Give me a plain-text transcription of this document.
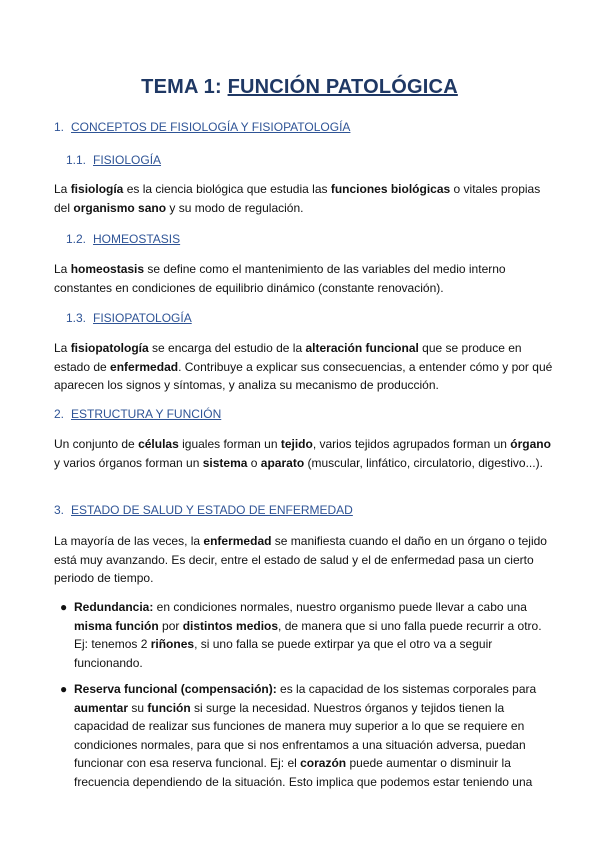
TEMA 1: FUNCIÓN PATOLÓGICA
1. CONCEPTOS DE FISIOLOGÍA Y FISIOPATOLOGÍA
1.1. FISIOLOGÍA
La fisiología es la ciencia biológica que estudia las funciones biológicas o vitales propias del organismo sano y su modo de regulación.
1.2. HOMEOSTASIS
La homeostasis se define como el mantenimiento de las variables del medio interno constantes en condiciones de equilibrio dinámico (constante renovación).
1.3. FISIOPATOLOGÍA
La fisiopatología se encarga del estudio de la alteración funcional que se produce en estado de enfermedad. Contribuye a explicar sus consecuencias, a entender cómo y por qué aparecen los signos y síntomas, y analiza su mecanismo de producción.
2. ESTRUCTURA Y FUNCIÓN
Un conjunto de células iguales forman un tejido, varios tejidos agrupados forman un órgano y varios órganos forman un sistema o aparato (muscular, linfático, circulatorio, digestivo...).
3. ESTADO DE SALUD Y ESTADO DE ENFERMEDAD
La mayoría de las veces, la enfermedad se manifiesta cuando el daño en un órgano o tejido está muy avanzando. Es decir, entre el estado de salud y el de enfermedad pasa un cierto periodo de tiempo.
● Redundancia: en condiciones normales, nuestro organismo puede llevar a cabo una misma función por distintos medios, de manera que si uno falla puede recurrir a otro. Ej: tenemos 2 riñones, si uno falla se puede extirpar ya que el otro va a seguir funcionando.
● Reserva funcional (compensación): es la capacidad de los sistemas corporales para aumentar su función si surge la necesidad. Nuestros órganos y tejidos tienen la capacidad de realizar sus funciones de manera muy superior a lo que se requiere en condiciones normales, para que si nos enfrentamos a una situación adversa, puedan funcionar con esa reserva funcional. Ej: el corazón puede aumentar o disminuir la frecuencia dependiendo de la situación. Esto implica que podemos estar teniendo una
